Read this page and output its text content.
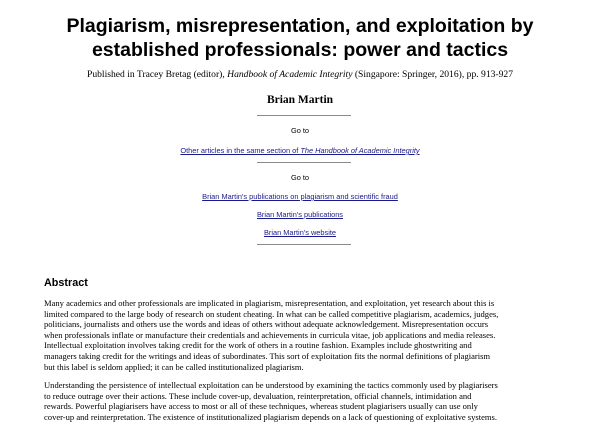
Plagiarism, misrepresentation, and exploitation by
established professionals: power and tactics
Published in Tracey Bretag (editor), Handbook of Academic Integrity (Singapore: Springer, 2016), pp. 913-927
Brian Martin
Go to
Other articles in the same section of The Handbook of Academic Integrity
Go to
Brian Martin's publications on plagiarism and scientific fraud
Brian Martin's publications
Brian Martin's website
Abstract

Many academics and other professionals are implicated in plagiarism, misrepresentation, and exploitation, yet research about this is
limited compared to the large body of research on student cheating. In what can be called competitive plagiarism, academics, judges,
politicians, journalists and others use the words and ideas of others without adequate acknowledgement. Misrepresentation occurs
when professionals inflate or manufacture their credentials and achievements in curricula vitae, job applications and media releases.
Intellectual exploitation involves taking credit for the work of others in a routine fashion. Examples include ghostwriting and
managers taking credit for the writings and ideas of subordinates. This sort of exploitation fits the normal definitions of plagiarism
but this label is seldom applied; it can be called institutionalized plagiarism.

Understanding the persistence of intellectual exploitation can be understood by examining the tactics commonly used by plagiarisers
to reduce outrage over their actions. These include cover-up, devaluation, reinterpretation, official channels, intimidation and
rewards. Powerful plagiarisers have access to most or all of these techniques, whereas student plagiarisers usually can use only
cover-up and reinterpretation. The existence of institutionalized plagiarism depends on a lack of questioning of exploitative systems.
